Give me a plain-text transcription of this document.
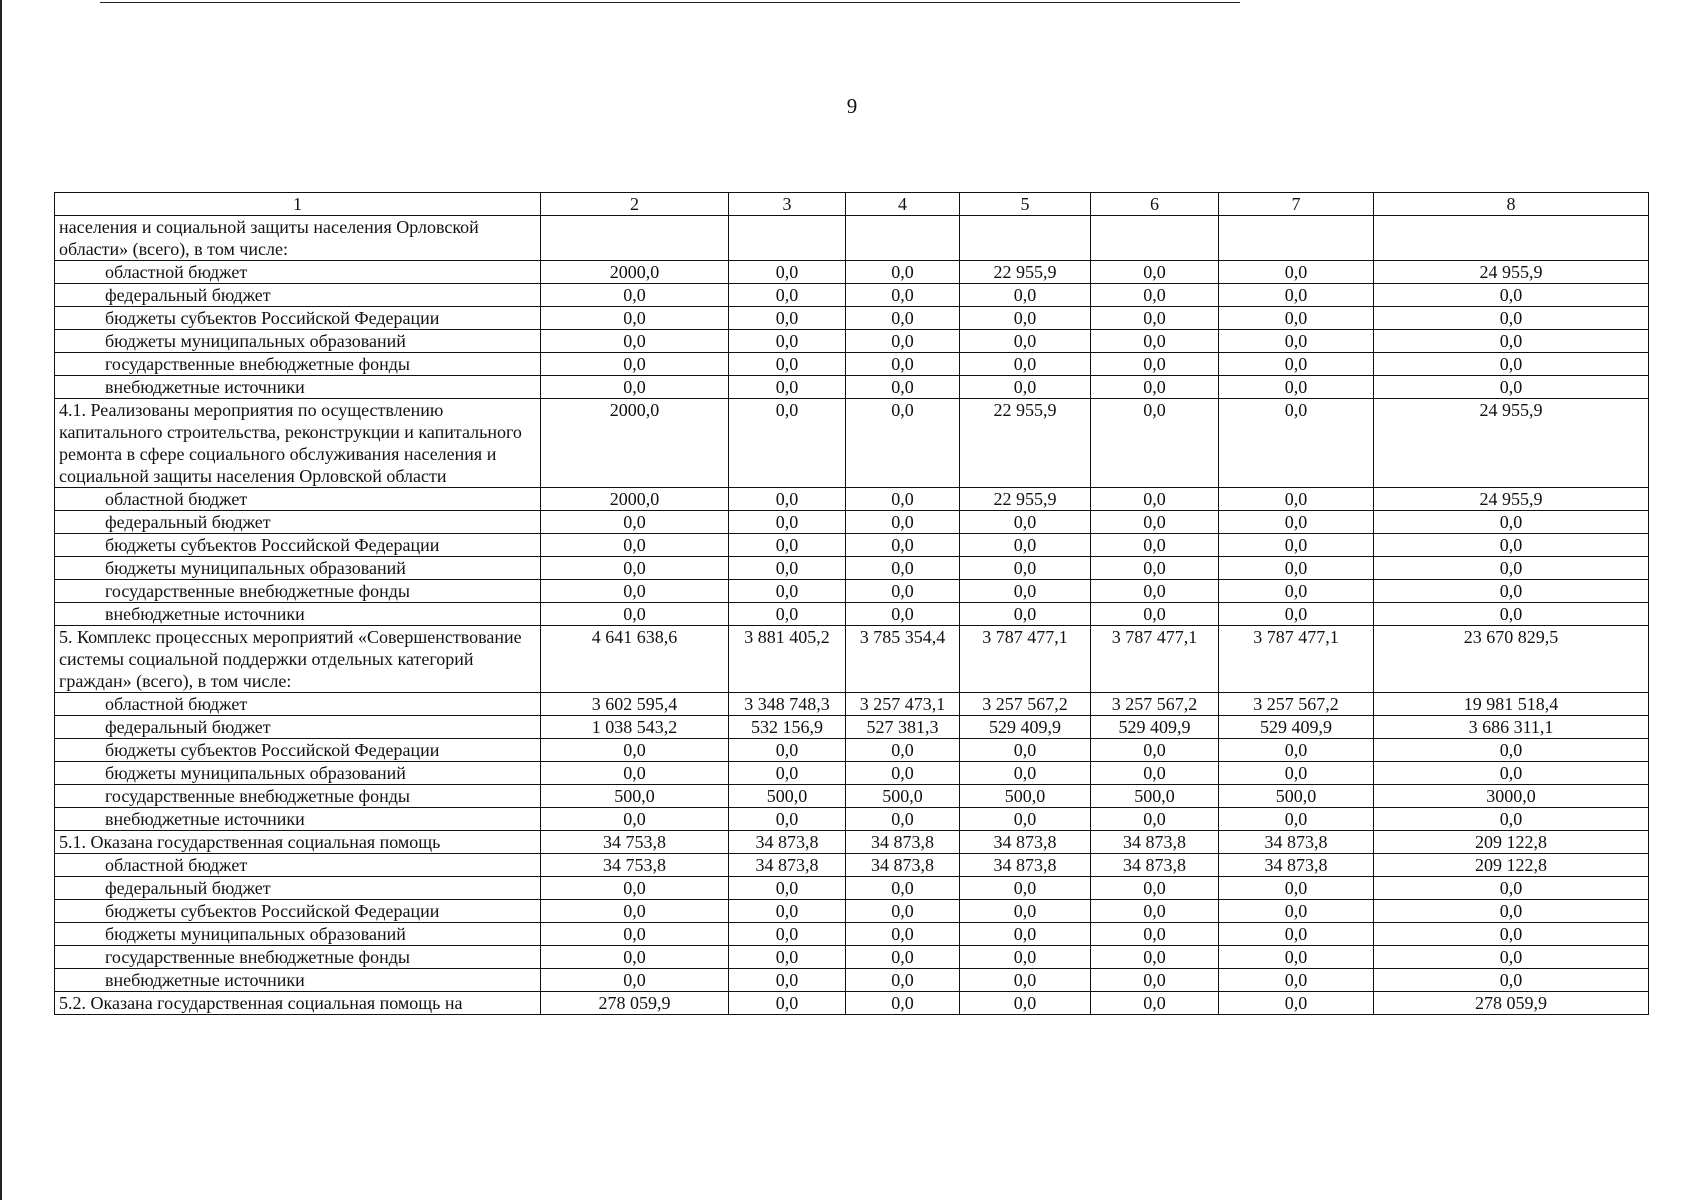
9
1	2	3	4	5	6	7	8
населения и социальной защиты населения Орловской области» (всего), в том числе:							
областной бюджет	2000,0	0,0	0,0	22 955,9	0,0	0,0	24 955,9
федеральный бюджет	0,0	0,0	0,0	0,0	0,0	0,0	0,0
бюджеты субъектов Российской Федерации	0,0	0,0	0,0	0,0	0,0	0,0	0,0
бюджеты муниципальных образований	0,0	0,0	0,0	0,0	0,0	0,0	0,0
государственные внебюджетные фонды	0,0	0,0	0,0	0,0	0,0	0,0	0,0
внебюджетные источники	0,0	0,0	0,0	0,0	0,0	0,0	0,0
4.1. Реализованы мероприятия по осуществлению капитального строительства, реконструкции и капитального ремонта в сфере социального обслуживания населения и социальной защиты населения Орловской области	2000,0	0,0	0,0	22 955,9	0,0	0,0	24 955,9
областной бюджет	2000,0	0,0	0,0	22 955,9	0,0	0,0	24 955,9
федеральный бюджет	0,0	0,0	0,0	0,0	0,0	0,0	0,0
бюджеты субъектов Российской Федерации	0,0	0,0	0,0	0,0	0,0	0,0	0,0
бюджеты муниципальных образований	0,0	0,0	0,0	0,0	0,0	0,0	0,0
государственные внебюджетные фонды	0,0	0,0	0,0	0,0	0,0	0,0	0,0
внебюджетные источники	0,0	0,0	0,0	0,0	0,0	0,0	0,0
5. Комплекс процессных мероприятий «Совершенствование системы социальной поддержки отдельных категорий граждан» (всего), в том числе:	4 641 638,6	3 881 405,2	3 785 354,4	3 787 477,1	3 787 477,1	3 787 477,1	23 670 829,5
областной бюджет	3 602 595,4	3 348 748,3	3 257 473,1	3 257 567,2	3 257 567,2	3 257 567,2	19 981 518,4
федеральный бюджет	1 038 543,2	532 156,9	527 381,3	529 409,9	529 409,9	529 409,9	3 686 311,1
бюджеты субъектов Российской Федерации	0,0	0,0	0,0	0,0	0,0	0,0	0,0
бюджеты муниципальных образований	0,0	0,0	0,0	0,0	0,0	0,0	0,0
государственные внебюджетные фонды	500,0	500,0	500,0	500,0	500,0	500,0	3000,0
внебюджетные источники	0,0	0,0	0,0	0,0	0,0	0,0	0,0
5.1. Оказана государственная социальная помощь	34 753,8	34 873,8	34 873,8	34 873,8	34 873,8	34 873,8	209 122,8
областной бюджет	34 753,8	34 873,8	34 873,8	34 873,8	34 873,8	34 873,8	209 122,8
федеральный бюджет	0,0	0,0	0,0	0,0	0,0	0,0	0,0
бюджеты субъектов Российской Федерации	0,0	0,0	0,0	0,0	0,0	0,0	0,0
бюджеты муниципальных образований	0,0	0,0	0,0	0,0	0,0	0,0	0,0
государственные внебюджетные фонды	0,0	0,0	0,0	0,0	0,0	0,0	0,0
внебюджетные источники	0,0	0,0	0,0	0,0	0,0	0,0	0,0
5.2. Оказана государственная социальная помощь на	278 059,9	0,0	0,0	0,0	0,0	0,0	278 059,9
